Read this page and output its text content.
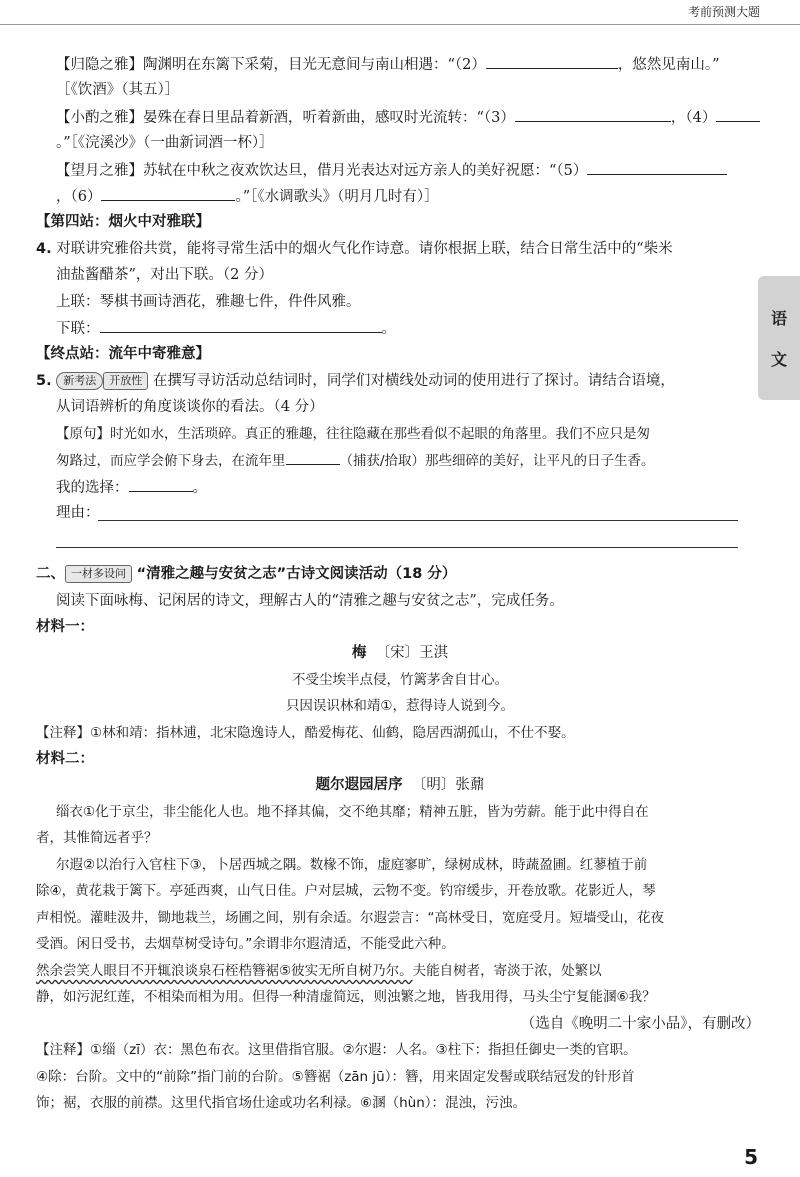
考前预测大题
语
文
【归隐之雅】陶渊明在东篱下采菊，目光无意间与南山相遇：“（2）	，悠然见南山。”
［《饮酒》（其五）］
【小酌之雅】晏殊在春日里品着新酒，听着新曲，感叹时光流转：“（3）	，（4）
。”［《浣溪沙》（一曲新词酒一杯）］
【望月之雅】苏轼在中秋之夜欢饮达旦，借月光表达对远方亲人的美好祝愿：“（5）
，（6）	。”［《水调歌头》（明月几时有）］
【第四站：烟火中对雅联】
4. 对联讲究雅俗共赏，能将寻常生活中的烟火气化作诗意。请你根据上联，结合日常生活中的“柴米
油盐酱醋茶”，对出下联。（2 分）
上联：琴棋书画诗酒花，雅趣七件，件件风雅。
下联：	。
【终点站：流年中寄雅意】
5. 新考法 开放性 在撰写寻访活动总结词时，同学们对横线处动词的使用进行了探讨。请结合语境，
从词语辨析的角度谈谈你的看法。（4 分）
【原句】时光如水，生活琐碎。真正的雅趣，往往隐藏在那些看似不起眼的角落里。我们不应只是匆
匆路过，而应学会俯下身去，在流年里	（捕获/拾取）那些细碎的美好，让平凡的日子生香。
我的选择：	。
理由：
二、 一材多设问 “清雅之趣与安贫之志”古诗文阅读活动（18 分）
阅读下面咏梅、记闲居的诗文，理解古人的“清雅之趣与安贫之志”，完成任务。
材料一：
梅 〔宋〕王淇
不受尘埃半点侵，竹篱茅舍自甘心。
只因误识林和靖①，惹得诗人说到今。
【注释】①林和靖：指林逋，北宋隐逸诗人，酷爱梅花、仙鹤，隐居西湖孤山，不仕不娶。
材料二：
题尔遐园居序 〔明〕张鼐
缁衣①化于京尘，非尘能化人也。地不择其偏，交不绝其靡；精神五脏，皆为劳薪。能于此中得自在
者，其惟简远者乎？
尔遐②以治行入官柱下③，卜居西城之隅。数椽不饰，虚庭寥旷，绿树成林，時蔬盈圃。红蓼植于前
除④，黄花栽于篱下。亭延西爽，山气日佳。户对层城，云物不变。钓帘缓步，开卷放歌。花影近人，琴
声相悦。灌畦汲井，锄地栽兰，场圃之间，别有余适。尔遐尝言：“高林受日，宽庭受月。短墙受山，花夜
受酒。闲日受书，去烟草树受诗句。”余谓非尔遐清适，不能受此六种。
然余尝笑人眼目不开辄浪谈泉石桎梏簪裾⑤彼实无所自树乃尔。夫能自树者，寄淡于浓，处繁以
静，如污泥红莲，不相染而相为用。但得一种清虚简远，则浊繁之地，皆我用得，马头尘宁复能溷⑥我？
（选自《晚明二十家小品》，有删改）
【注释】①缁（zī）衣：黑色布衣。这里借指官服。②尔遐：人名。③柱下：指担任御史一类的官职。
④除：台阶。文中的“前除”指门前的台阶。⑤簪裾（zān jū）：簪，用来固定发髻或联结冠发的针形首
饰；裾，衣服的前襟。这里代指官场仕途或功名利禄。⑥溷（hùn）：混浊，污浊。
5
